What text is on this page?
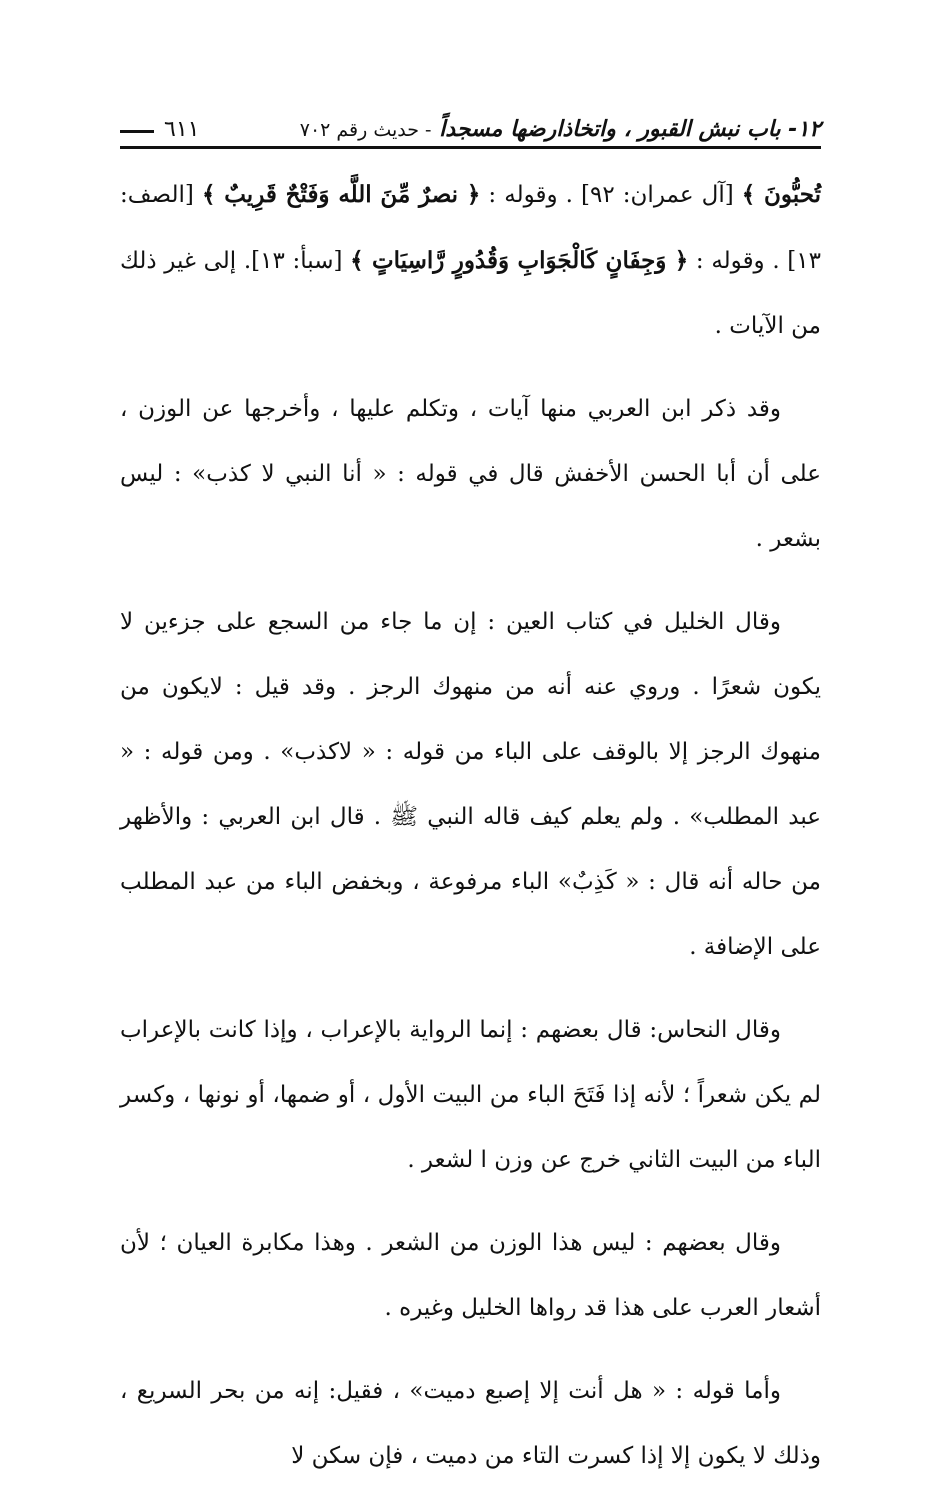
١٢- باب نبش القبور ، واتخاذارضها مسجداً - حديث رقم ٧٠٢
٦١١

تُحبُّونَ ﴾ [آل عمران: ٩٢] . وقوله : ﴿ نصرٌ مِّنَ اللَّه وَفَتْحٌ قَرِيبٌ ﴾ [الصف: ١٣] . وقوله : ﴿ وَجِفَانٍ كَالْجَوَابِ وَقُدُورٍ رَّاسِيَاتٍ ﴾ [سبأ: ١٣]. إلى غير ذلك من الآيات .

وقد ذكر ابن العربي منها آيات ، وتكلم عليها ، وأخرجها عن الوزن ، على أن أبا الحسن الأخفش قال في قوله : « أنا النبي لا كذب» : ليس بشعر .

وقال الخليل في كتاب العين : إن ما جاء من السجع على جزءين لا يكون شعرًا . وروي عنه أنه من منهوك الرجز . وقد قيل : لايكون من منهوك الرجز إلا بالوقف على الباء من قوله : « لاكذب» . ومن قوله : « عبد المطلب» . ولم يعلم كيف قاله النبي ﷺ . قال ابن العربي : والأظهر من حاله أنه قال : « كَذِبٌ» الباء مرفوعة ، وبخفض الباء من عبد المطلب على الإضافة .

وقال النحاس: قال بعضهم : إنما الرواية بالإعراب ، وإذا كانت بالإعراب لم يكن شعراً ؛ لأنه إذا فَتَحَ الباء من البيت الأول ، أو ضمها، أو نونها ، وكسر الباء من البيت الثاني خرج عن وزن ا لشعر .

وقال بعضهم : ليس هذا الوزن من الشعر . وهذا مكابرة العيان ؛ لأن أشعار العرب على هذا قد رواها الخليل وغيره .

وأما قوله : « هل أنت إلا إصبع دميت» ، فقيل: إنه من بحر السريع ، وذلك لا يكون إلا إذا كسرت التاء من دميت ، فإن سكن لا
